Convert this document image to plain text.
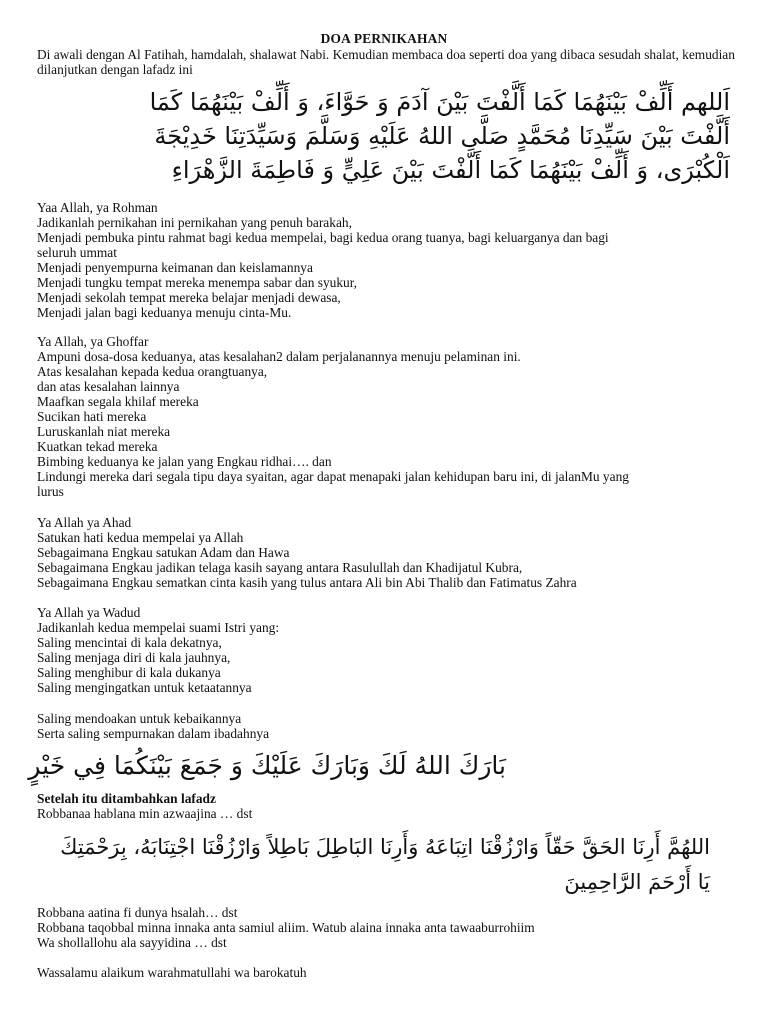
DOA PERNIKAHAN
Di awali dengan Al Fatihah, hamdalah, shalawat Nabi. Kemudian membaca doa seperti doa yang dibaca sesudah shalat, kemudian dilanjutkan dengan lafadz ini
اَللهم أَلِّفْ بَيْنَهُمَا كَمَا أَلَّفْتَ بَيْنَ آدَمَ وَ حَوَّاءَ، وَ أَلِّفْ بَيْنَهُمَا كَمَا
أَلَّفْتَ بَيْنَ سَيِّدِنَا مُحَمَّدٍ صَلَّى اللهُ عَلَيْهِ وَسَلَّمَ وَسَيِّدَتِنَا خَدِيْجَةَ
اَلْكُبْرَى، وَ أَلِّفْ بَيْنَهُمَا كَمَا أَلَّفْتَ بَيْنَ عَلِيٍّ وَ فَاطِمَةَ الزَّهْرَاءِ
Yaa Allah, ya Rohman
Jadikanlah pernikahan ini pernikahan yang penuh barakah,
Menjadi pembuka pintu rahmat bagi kedua mempelai, bagi kedua orang tuanya, bagi keluarganya dan bagi
seluruh ummat
Menjadi penyempurna keimanan dan keislamannya
Menjadi tungku tempat mereka menempa sabar dan syukur,
Menjadi sekolah tempat mereka belajar menjadi dewasa,
Menjadi jalan bagi keduanya menuju cinta-Mu.
Ya Allah, ya Ghoffar
Ampuni dosa-dosa keduanya, atas kesalahan2 dalam perjalanannya menuju pelaminan ini.
Atas kesalahan kepada kedua orangtuanya,
dan atas kesalahan lainnya
Maafkan segala khilaf mereka
Sucikan hati mereka
Luruskanlah niat mereka
Kuatkan tekad mereka
Bimbing keduanya ke jalan yang Engkau ridhai…. dan
Lindungi mereka dari segala tipu daya syaitan, agar dapat menapaki jalan kehidupan baru ini, di jalanMu yang
lurus
Ya Allah ya Ahad
Satukan hati kedua mempelai ya Allah
Sebagaimana Engkau satukan Adam dan Hawa
Sebagaimana Engkau jadikan telaga kasih sayang antara Rasulullah dan Khadijatul Kubra,
Sebagaimana Engkau sematkan cinta kasih yang tulus antara Ali bin Abi Thalib dan Fatimatus Zahra
Ya Allah ya Wadud
Jadikanlah kedua mempelai suami Istri yang:
Saling mencintai di kala dekatnya,
Saling menjaga diri di kala jauhnya,
Saling menghibur di kala dukanya
Saling mengingatkan untuk ketaatannya
Saling mendoakan untuk kebaikannya
Serta saling sempurnakan dalam ibadahnya
بَارَكَ اللهُ لَكَ وَبَارَكَ عَلَيْكَ وَ جَمَعَ بَيْنَكُمَا فِي خَيْرٍ
Setelah itu ditambahkan lafadz
Robbanaa hablana min azwaajina … dst
اللهُمَّ أَرِنَا الحَقَّ حَقّاً وَارْزُقْنَا اتِبَاعَهُ وَأَرِنَا البَاطِلَ بَاطِلاً وَارْزُقْنَا اجْتِنَابَهُ، بِرَحْمَتِكَ
يَا أَرْحَمَ الرَّاحِمِينَ
Robbana aatina fi dunya hsalah… dst
Robbana taqobbal minna innaka anta samiul aliim. Watub alaina innaka anta tawaaburrohiim
Wa shollallohu ala sayyidina … dst
Wassalamu alaikum warahmatullahi wa barokatuh
